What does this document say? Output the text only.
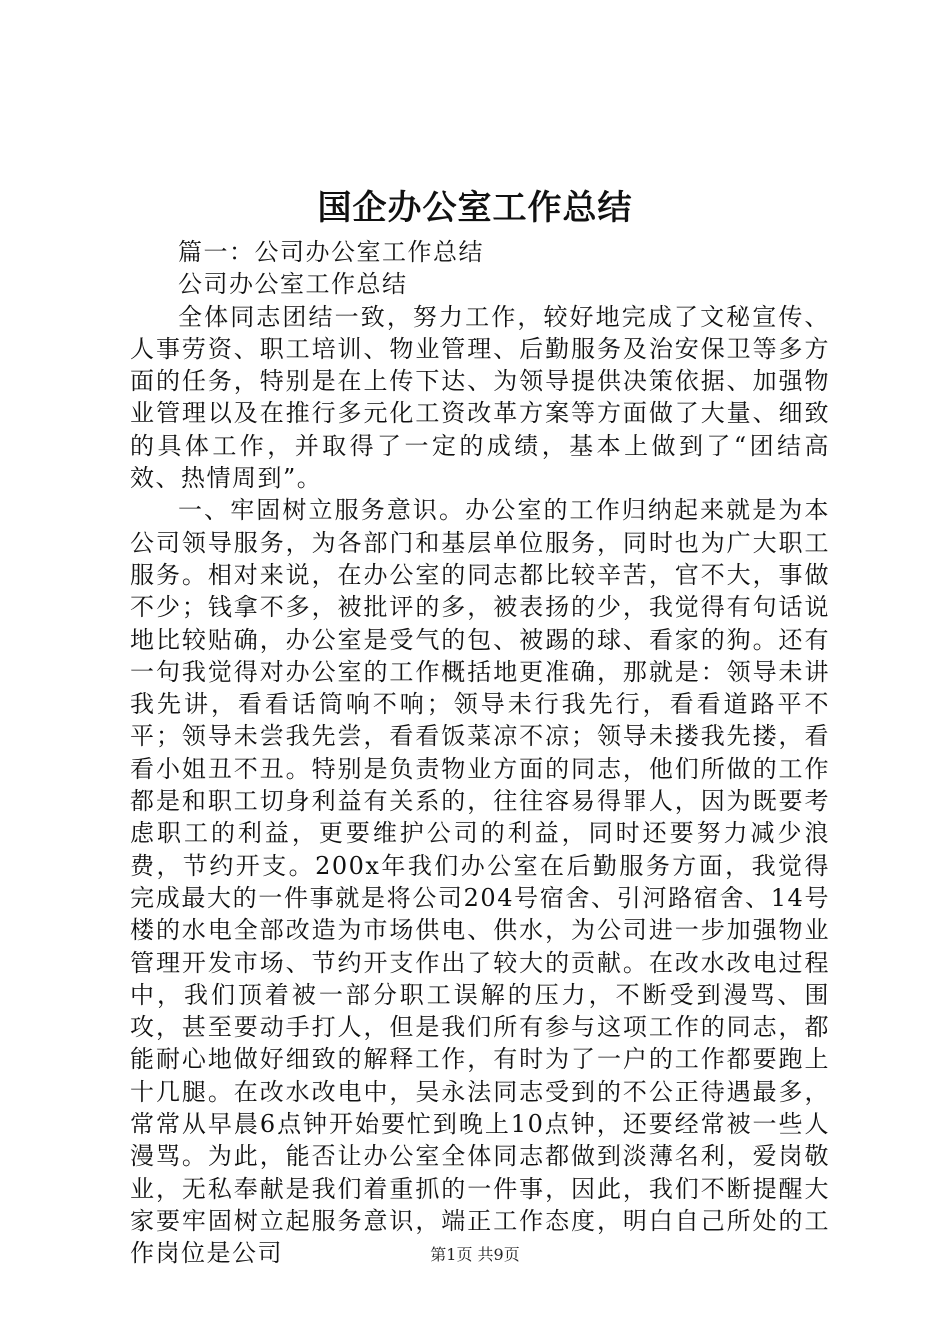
国企办公室工作总结

篇一：公司办公室工作总结

公司办公室工作总结

全体同志团结一致，努力工作，较好地完成了文秘宣传、人事劳资、职工培训、物业管理、后勤服务及治安保卫等多方面的任务，特别是在上传下达、为领导提供决策依据、加强物业管理以及在推行多元化工资改革方案等方面做了大量、细致的具体工作，并取得了一定的成绩，基本上做到了“团结高效、热情周到”。

一、牢固树立服务意识。办公室的工作归纳起来就是为本公司领导服务，为各部门和基层单位服务，同时也为广大职工服务。相对来说，在办公室的同志都比较辛苦，官不大，事做不少；钱拿不多，被批评的多，被表扬的少，我觉得有句话说地比较贴确，办公室是受气的包、被踢的球、看家的狗。还有一句我觉得对办公室的工作概括地更准确，那就是：领导未讲我先讲，看看话筒响不响；领导未行我先行，看看道路平不平；领导未尝我先尝，看看饭菜凉不凉；领导未搂我先搂，看看小姐丑不丑。特别是负责物业方面的同志，他们所做的工作都是和职工切身利益有关系的，往往容易得罪人，因为既要考虑职工的利益，更要维护公司的利益，同时还要努力减少浪费，节约开支。200x年我们办公室在后勤服务方面，我觉得完成最大的一件事就是将公司204号宿舍、引河路宿舍、14号楼的水电全部改造为市场供电、供水，为公司进一步加强物业管理开发市场、节约开支作出了较大的贡献。在改水改电过程中，我们顶着被一部分职工误解的压力，不断受到漫骂、围攻，甚至要动手打人，但是我们所有参与这项工作的同志，都能耐心地做好细致的解释工作，有时为了一户的工作都要跑上十几腿。在改水改电中，吴永法同志受到的不公正待遇最多，常常从早晨6点钟开始要忙到晚上10点钟，还要经常被一些人漫骂。为此，能否让办公室全体同志都做到淡薄名利，爱岗敬业，无私奉献是我们着重抓的一件事，因此，我们不断提醒大家要牢固树立起服务意识，端正工作态度，明白自己所处的工作岗位是公司	第1页 共9页
